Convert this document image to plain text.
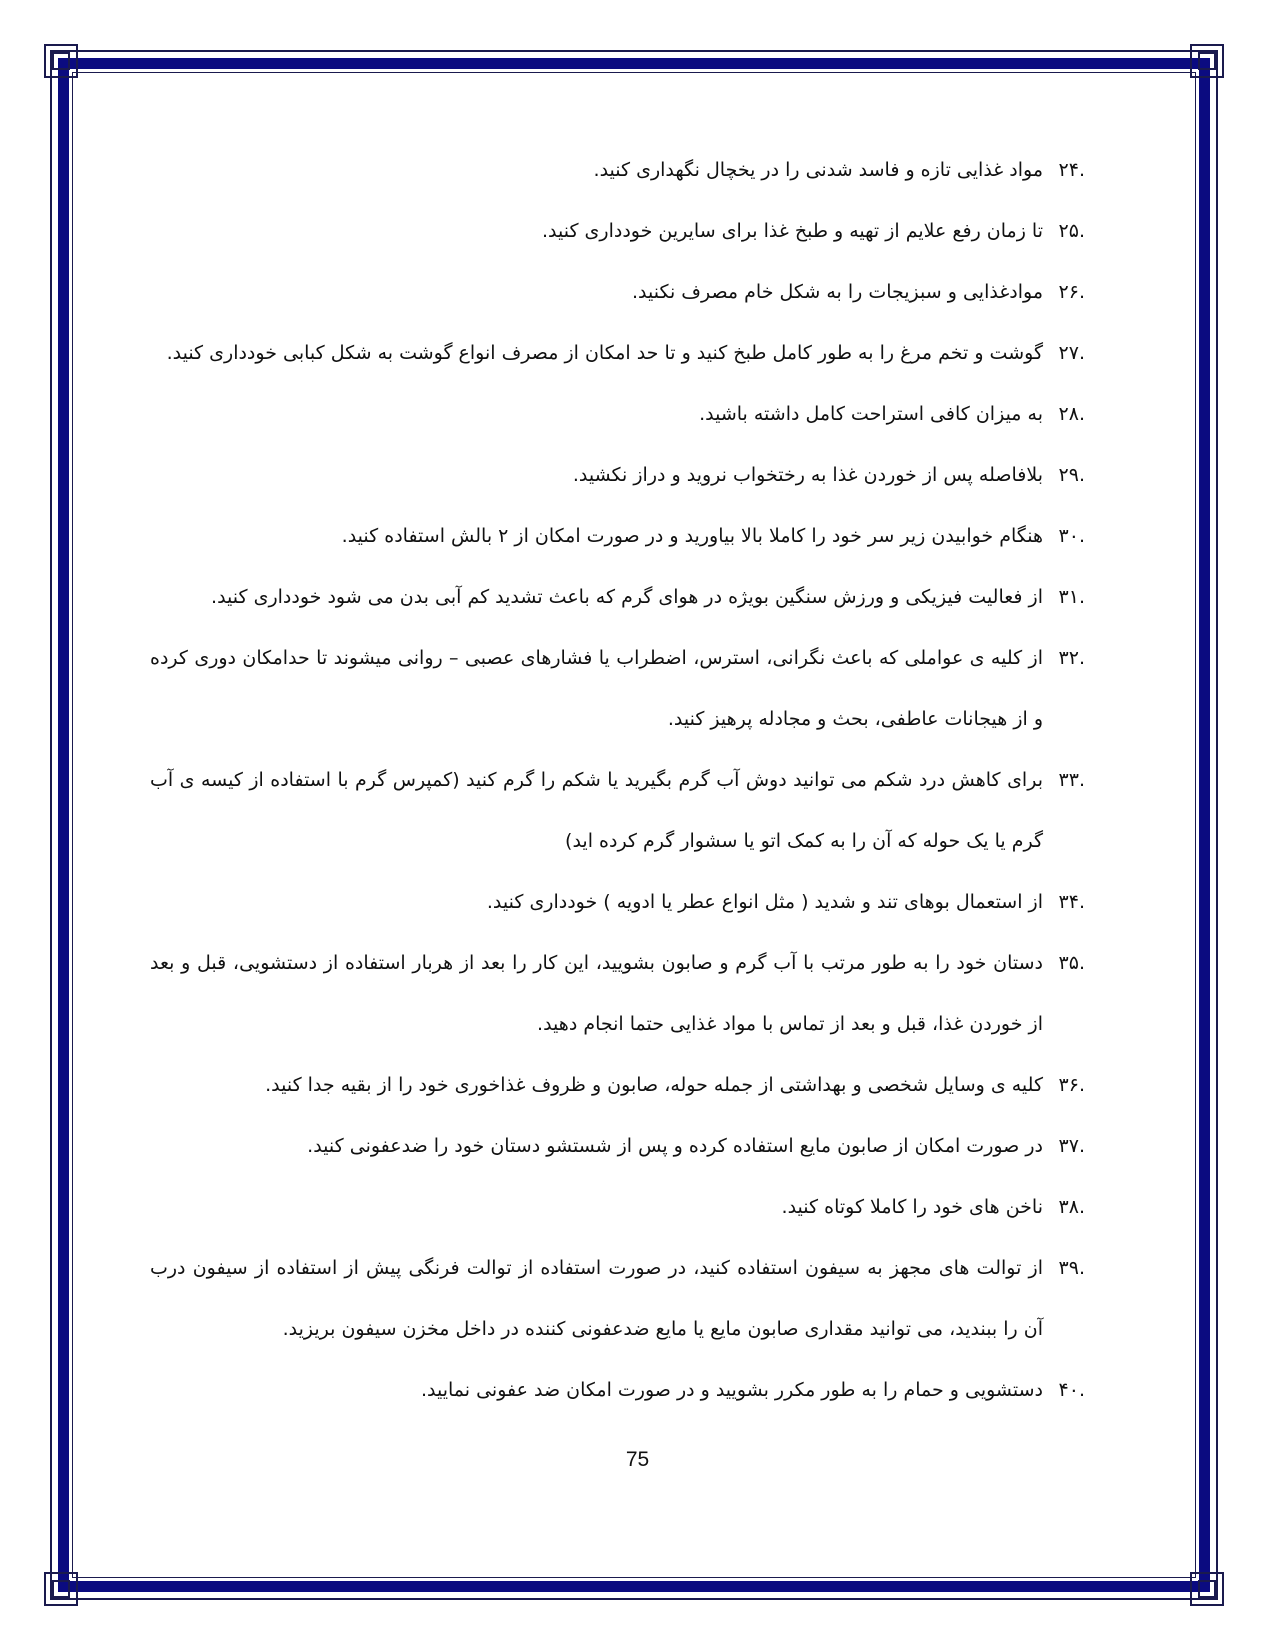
.۲۴
مواد غذایی تازه و فاسد شدنی را در یخچال نگهداری کنید.
.۲۵
تا زمان رفع علایم از تهیه و طبخ غذا برای سایرین خودداری کنید.
.۲۶
موادغذایی و سبزیجات را به شکل خام مصرف نکنید.
.۲۷
گوشت و تخم مرغ را به طور کامل طبخ کنید و تا حد امکان از مصرف انواع گوشت به شکل کبابی خودداری کنید.
.۲۸
به میزان کافی استراحت کامل داشته باشید.
.۲۹
بلافاصله پس از خوردن غذا به رختخواب نروید و دراز نکشید.
.۳۰
هنگام خوابیدن زیر سر خود را کاملا بالا بیاورید و در صورت امکان از ۲ بالش استفاده کنید.
.۳۱
از فعالیت فیزیکی و ورزش سنگین بویژه در هوای گرم که باعث تشدید کم آبی بدن می شود خودداری کنید.
.۳۲
از کلیه ی عواملی که باعث نگرانی، استرس، اضطراب یا فشارهای عصبی – روانی میشوند تا حدامکان دوری کرده و از هیجانات عاطفی، بحث و مجادله پرهیز کنید.
.۳۳
برای کاهش درد شکم می توانید دوش آب گرم بگیرید یا شکم را گرم کنید (کمپرس گرم با استفاده از کیسه ی آب گرم یا یک حوله که آن را به کمک اتو یا سشوار گرم کرده اید)
.۳۴
از استعمال بوهای تند و شدید ( مثل انواع عطر یا ادویه ) خودداری کنید.
.۳۵
دستان خود را به طور مرتب با آب گرم و صابون بشویید، این کار را بعد از هربار استفاده از دستشویی، قبل و بعد از خوردن غذا، قبل و بعد از تماس با مواد غذایی حتما انجام دهید.
.۳۶
کلیه ی وسایل شخصی و بهداشتی از جمله حوله، صابون و ظروف غذاخوری خود را از بقیه جدا کنید.
.۳۷
در صورت امکان از صابون مایع استفاده کرده و پس از شستشو دستان خود را ضدعفونی کنید.
.۳۸
ناخن های خود را کاملا کوتاه کنید.
.۳۹
از توالت های مجهز به سیفون استفاده کنید، در صورت استفاده از توالت فرنگی پیش از استفاده از سیفون درب آن را ببندید، می توانید مقداری صابون مایع یا مایع ضدعفونی کننده در داخل مخزن سیفون بریزید.
.۴۰
دستشویی و حمام را به طور مکرر بشویید و در صورت امکان ضد عفونی نمایید.
75
